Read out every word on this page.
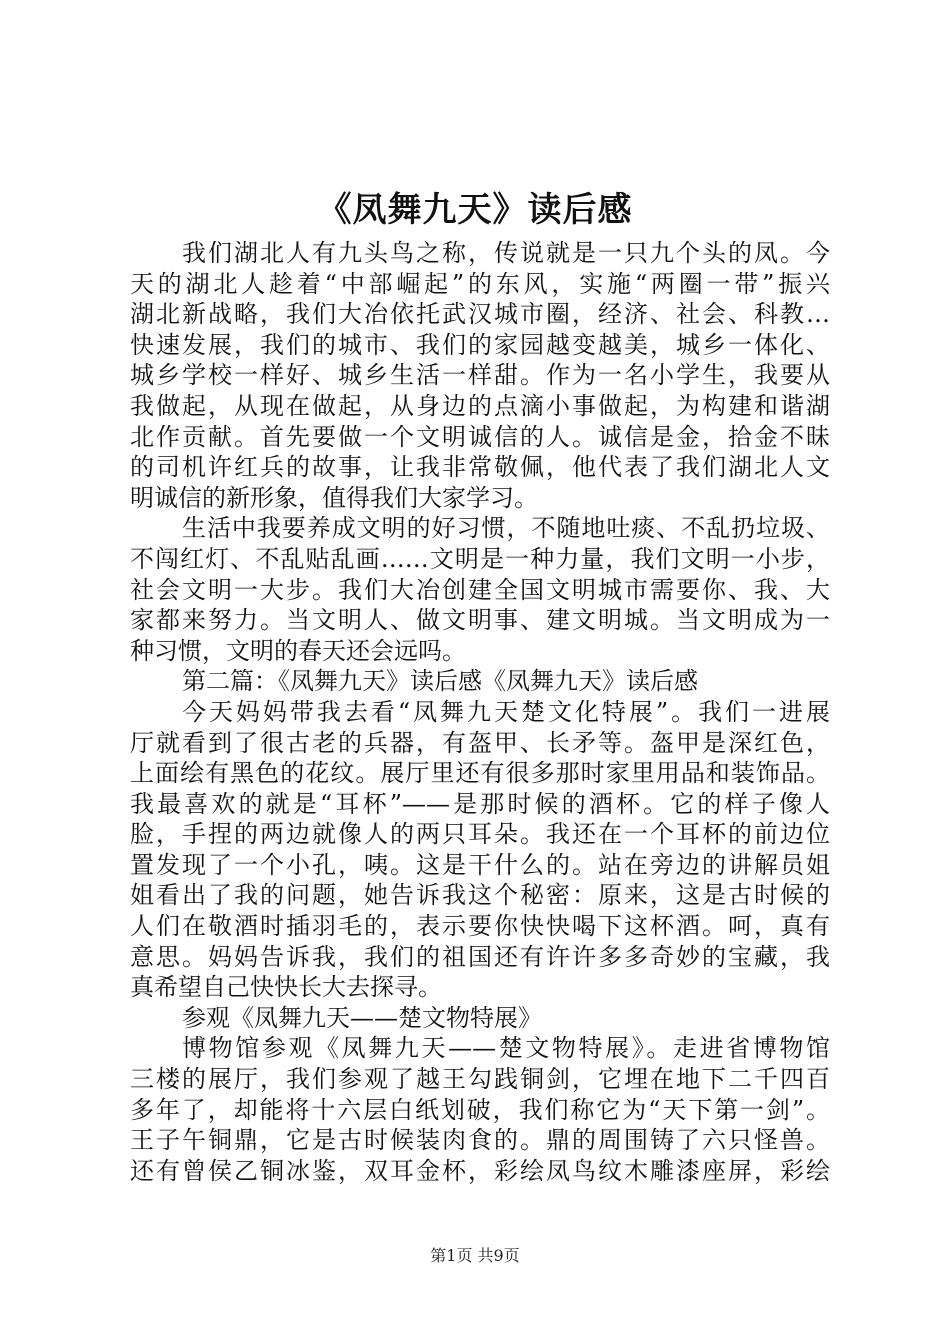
《凤舞九天》读后感
我们湖北人有九头鸟之称，传说就是一只九个头的凤。今
天的湖北人趁着“中部崛起”的东风，实施“两圈一带”振兴
湖北新战略，我们大冶依托武汉城市圈，经济、社会、科教…
快速发展，我们的城市、我们的家园越变越美，城乡一体化、
城乡学校一样好、城乡生活一样甜。作为一名小学生，我要从
我做起，从现在做起，从身边的点滴小事做起，为构建和谐湖
北作贡献。首先要做一个文明诚信的人。诚信是金，拾金不昧
的司机许红兵的故事，让我非常敬佩，他代表了我们湖北人文
明诚信的新形象，值得我们大家学习。
生活中我要养成文明的好习惯，不随地吐痰、不乱扔垃圾、
不闯红灯、不乱贴乱画……文明是一种力量，我们文明一小步，
社会文明一大步。我们大冶创建全国文明城市需要你、我、大
家都来努力。当文明人、做文明事、建文明城。当文明成为一
种习惯，文明的春天还会远吗。
第二篇：《凤舞九天》读后感《凤舞九天》读后感
今天妈妈带我去看“凤舞九天楚文化特展”。我们一进展
厅就看到了很古老的兵器，有盔甲、长矛等。盔甲是深红色，
上面绘有黑色的花纹。展厅里还有很多那时家里用品和装饰品。
我最喜欢的就是“耳杯”——是那时候的酒杯。它的样子像人
脸，手捏的两边就像人的两只耳朵。我还在一个耳杯的前边位
置发现了一个小孔，咦。这是干什么的。站在旁边的讲解员姐
姐看出了我的问题，她告诉我这个秘密：原来，这是古时候的
人们在敬酒时插羽毛的，表示要你快快喝下这杯酒。呵，真有
意思。妈妈告诉我，我们的祖国还有许许多多奇妙的宝藏，我
真希望自己快快长大去探寻。
参观《凤舞九天——楚文物特展》
博物馆参观《凤舞九天——楚文物特展》。走进省博物馆
三楼的展厅，我们参观了越王勾践铜剑，它埋在地下二千四百
多年了，却能将十六层白纸划破，我们称它为“天下第一剑”。
王子午铜鼎，它是古时候装肉食的。鼎的周围铸了六只怪兽。
还有曾侯乙铜冰鉴，双耳金杯，彩绘凤鸟纹木雕漆座屏，彩绘
第1页 共9页
